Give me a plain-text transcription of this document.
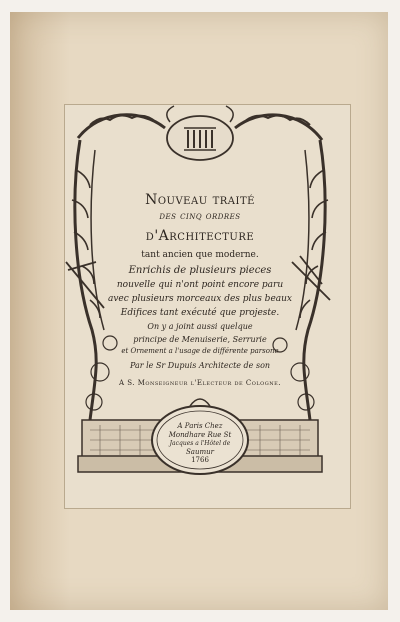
Nouveau traité
des cinq ordres
d'Architecture
tant ancien que moderne.
Enrichis de plusieurs pieces
nouvelle qui n'ont point encore paru
avec plusieurs morceaux des plus beaux
Edifices tant exécuté que projeste.
On y a joint aussi quelque
principe de Menuiserie, Serrurie
et Ornement a l'usage de différente parsone
Par le Sr Dupuis Architecte de son
A S. Monseigneur l'Electeur de Cologne.
A Paris Chez
Mondhare Rue St
Jacques a l'Hôtel de
Saumur
1766
